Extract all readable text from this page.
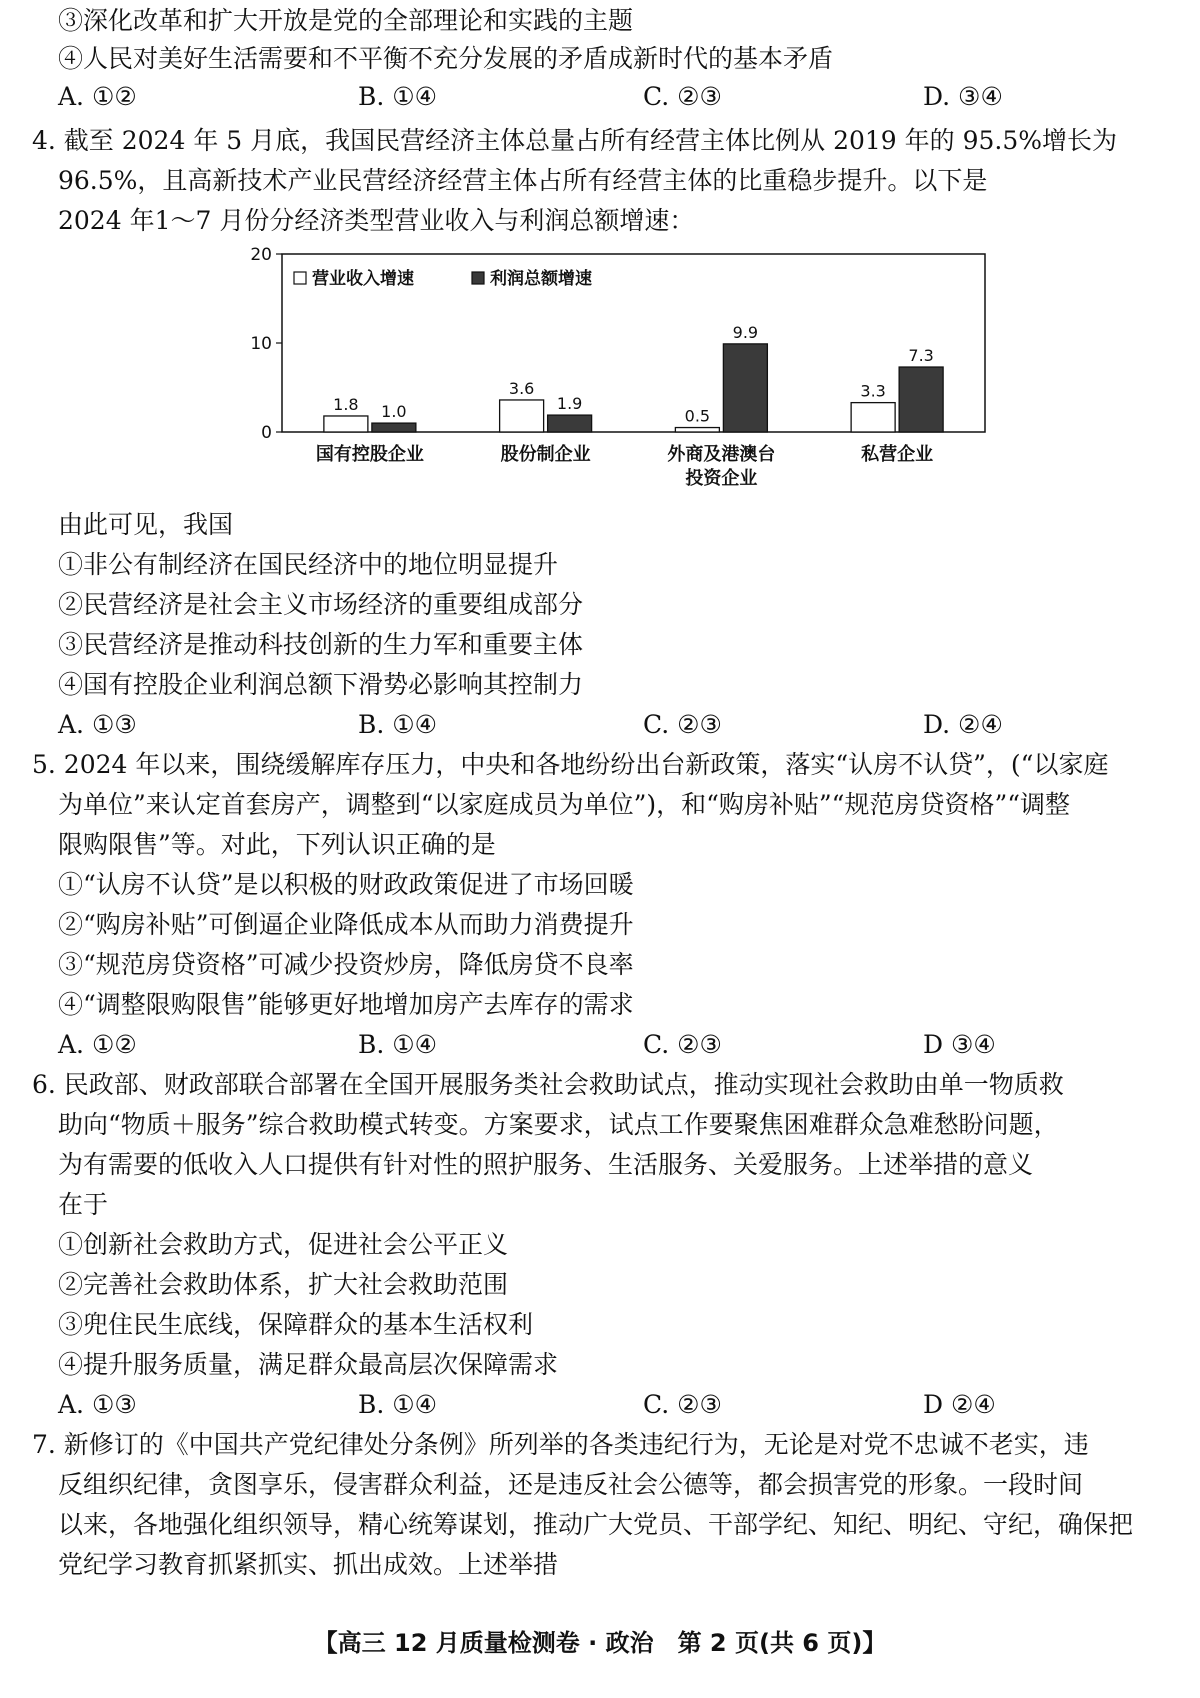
③深化改革和扩大开放是党的全部理论和实践的主题
④人民对美好生活需要和不平衡不充分发展的矛盾成新时代的基本矛盾
A. ①②	B. ①④	C. ②③	D. ③④
4. 截至 2024 年 5 月底，我国民营经济主体总量占所有经营主体比例从 2019 年的 95.5%增长为
96.5%，且高新技术产业民营经济经营主体占所有经营主体的比重稳步提升。以下是
2024 年1～7 月份分经济类型营业收入与利润总额增速：
0
10
20
营业收入增速	利润总额增速
1.8 1.0
国有控股企业
3.6
1.9
股份制企业
0.5
9.9
外商及港澳台
投资企业
3.3
7.3
私营企业
由此可见，我国
①非公有制经济在国民经济中的地位明显提升
②民营经济是社会主义市场经济的重要组成部分
③民营经济是推动科技创新的生力军和重要主体
④国有控股企业利润总额下滑势必影响其控制力
A. ①③	B. ①④	C. ②③	D. ②④
5. 2024 年以来，围绕缓解库存压力，中央和各地纷纷出台新政策，落实“认房不认贷”，(“以家庭
为单位”来认定首套房产，调整到“以家庭成员为单位”)，和“购房补贴”“规范房贷资格”“调整
限购限售”等。对此，下列认识正确的是
①“认房不认贷”是以积极的财政政策促进了市场回暖
②“购房补贴”可倒逼企业降低成本从而助力消费提升
③“规范房贷资格”可减少投资炒房，降低房贷不良率
④“调整限购限售”能够更好地增加房产去库存的需求
A. ①②	B. ①④	C. ②③	D ③④
6. 民政部、财政部联合部署在全国开展服务类社会救助试点，推动实现社会救助由单一物质救
助向“物质＋服务”综合救助模式转变。方案要求，试点工作要聚焦困难群众急难愁盼问题，
为有需要的低收入人口提供有针对性的照护服务、生活服务、关爱服务。上述举措的意义
在于
①创新社会救助方式，促进社会公平正义
②完善社会救助体系，扩大社会救助范围
③兜住民生底线，保障群众的基本生活权利
④提升服务质量，满足群众最高层次保障需求
A. ①③	B. ①④	C. ②③	D ②④
7. 新修订的《中国共产党纪律处分条例》所列举的各类违纪行为，无论是对党不忠诚不老实，违
反组织纪律，贪图享乐，侵害群众利益，还是违反社会公德等，都会损害党的形象。一段时间
以来，各地强化组织领导，精心统筹谋划，推动广大党员、干部学纪、知纪、明纪、守纪，确保把
党纪学习教育抓紧抓实、抓出成效。上述举措
【高三 12 月质量检测卷 · 政治　第 2 页(共 6 页)】
